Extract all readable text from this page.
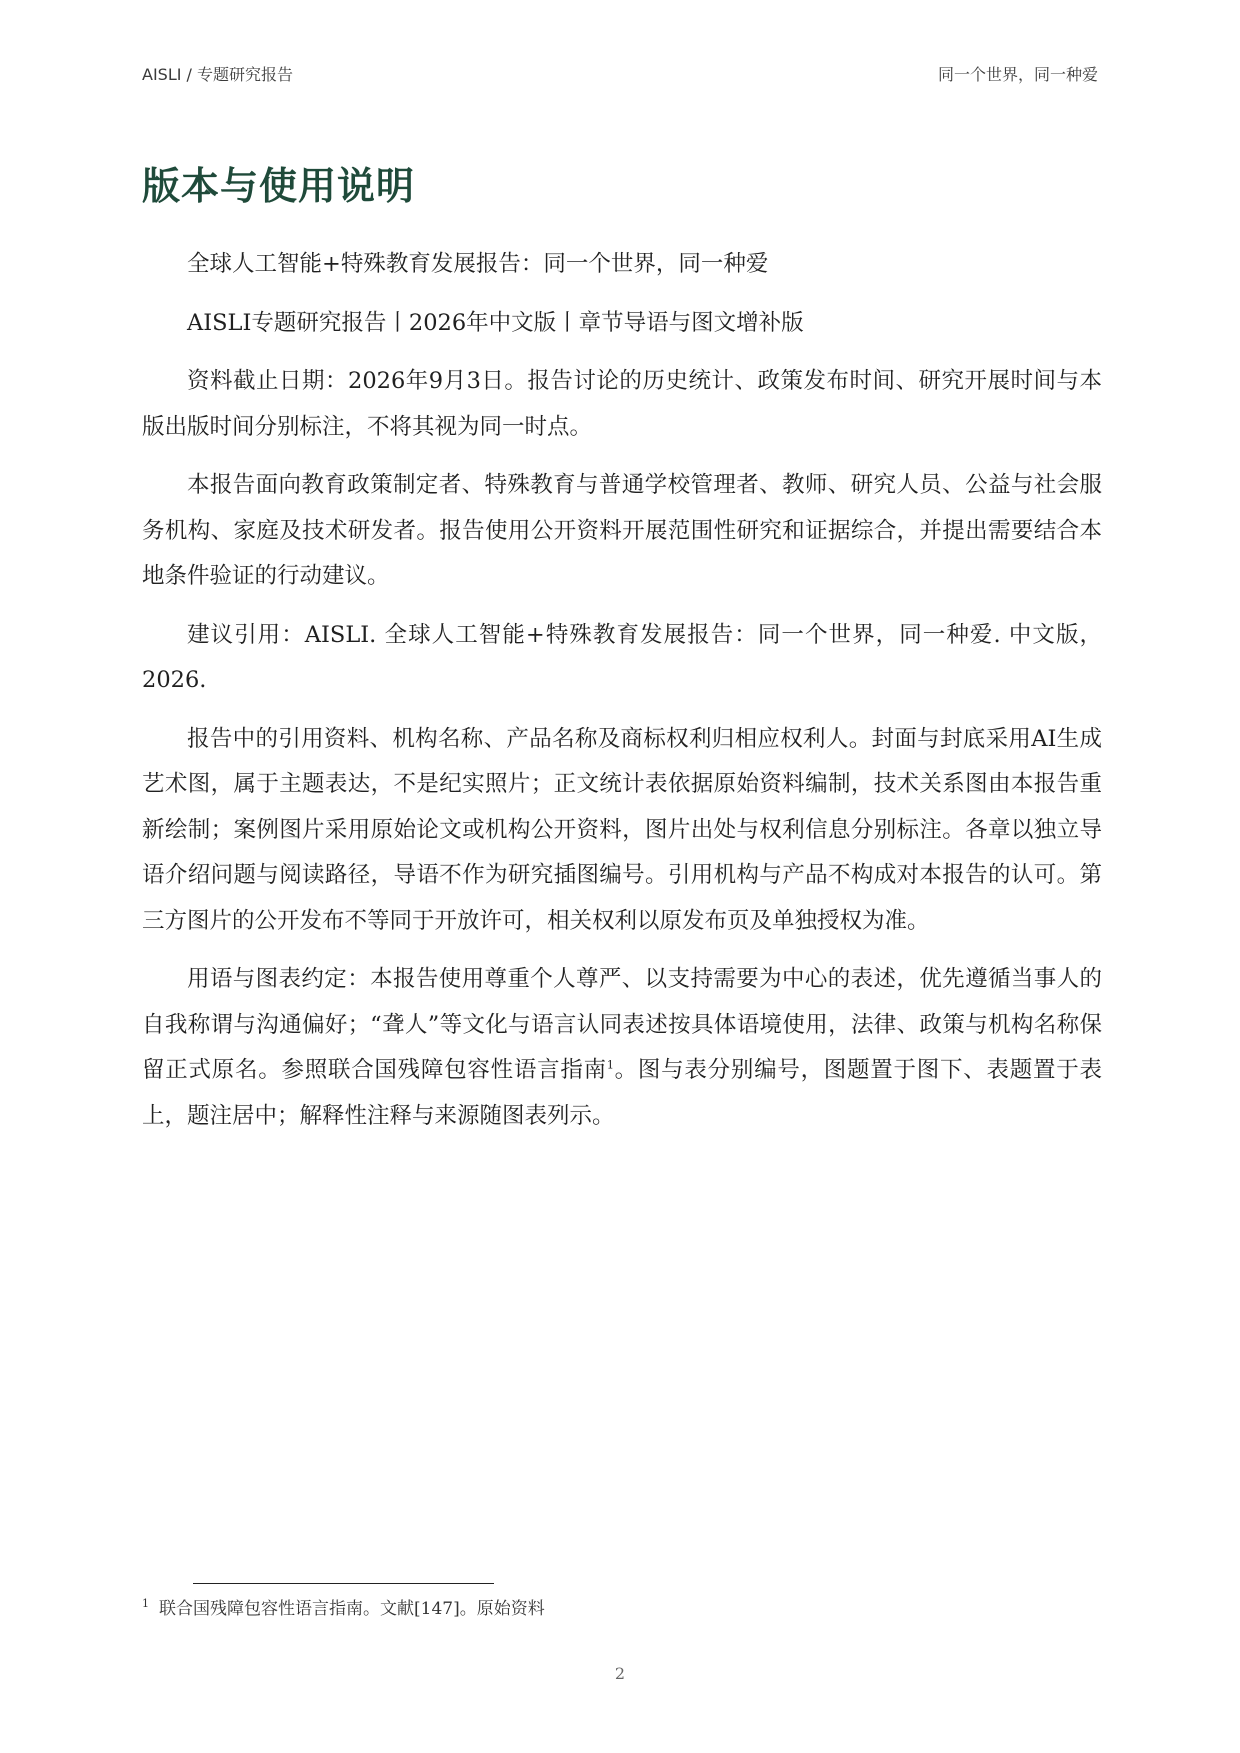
AISLI / 专题研究报告	同一个世界，同一种爱
版本与使用说明

全球人工智能+特殊教育发展报告：同一个世界，同一种爱

AISLI专题研究报告丨2026年中文版丨章节导语与图文增补版

资料截止日期：2026年9月3日。报告讨论的历史统计、政策发布时间、研究开展时间与本版出版时间分别标注，不将其视为同一时点。

本报告面向教育政策制定者、特殊教育与普通学校管理者、教师、研究人员、公益与社会服务机构、家庭及技术研发者。报告使用公开资料开展范围性研究和证据综合，并提出需要结合本地条件验证的行动建议。

建议引用：AISLI. 全球人工智能+特殊教育发展报告：同一个世界，同一种爱. 中文版，2026.

报告中的引用资料、机构名称、产品名称及商标权利归相应权利人。封面与封底采用AI生成艺术图，属于主题表达，不是纪实照片；正文统计表依据原始资料编制，技术关系图由本报告重新绘制；案例图片采用原始论文或机构公开资料，图片出处与权利信息分别标注。各章以独立导语介绍问题与阅读路径，导语不作为研究插图编号。引用机构与产品不构成对本报告的认可。第三方图片的公开发布不等同于开放许可，相关权利以原发布页及单独授权为准。

用语与图表约定：本报告使用尊重个人尊严、以支持需要为中心的表述，优先遵循当事人的自我称谓与沟通偏好；“聋人”等文化与语言认同表述按具体语境使用，法律、政策与机构名称保留正式原名。参照联合国残障包容性语言指南$^1$。图与表分别编号，图题置于图下、表题置于表上，题注居中；解释性注释与来源随图表列示。

$^1$ 联合国残障包容性语言指南。文献[147]。原始资料
2
